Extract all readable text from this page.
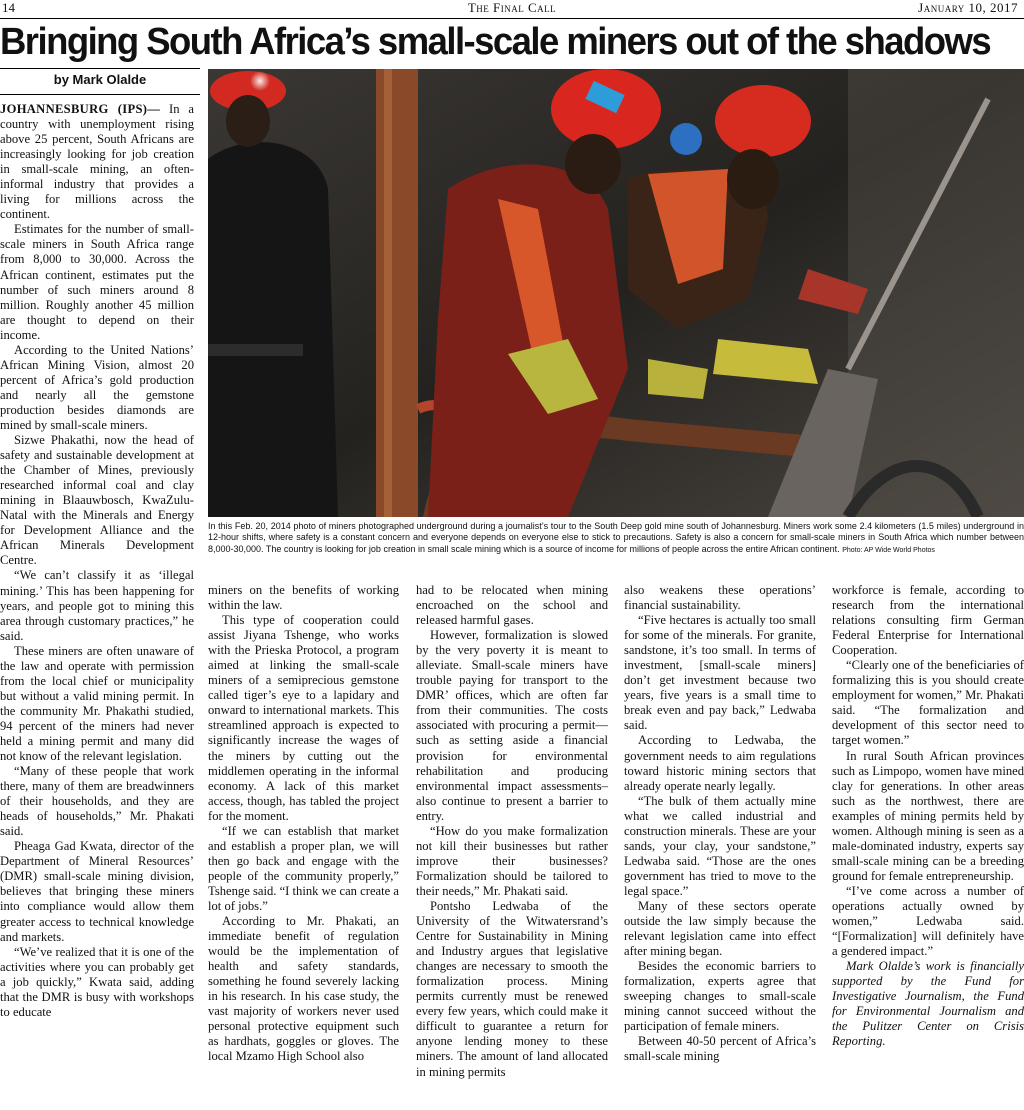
14	The Final Call	January 10, 2017
Bringing South Africa’s small-scale miners out of the shadows
by Mark Olalde
In this Feb. 20, 2014 photo of miners photographed underground during a journalist’s tour to the South Deep gold mine south of Johannesburg. Miners work some 2.4 kilometers (1.5 miles) underground in 12-hour shifts, where safety is a constant concern and everyone depends on everyone else to stick to precautions. Safety is also a concern for small-scale miners in South Africa which number between 8,000-30,000. The country is looking for job creation in small scale mining which is a source of income for millions of people across the entire African continent. Photo: AP Wide World Photos

JOHANNESBURG (IPS)— In a country with unemployment rising above 25 percent, South Africans are increasingly looking for job creation in small-scale mining, an often-informal industry that provides a living for millions across the continent.

Estimates for the number of small-scale miners in South Africa range from 8,000 to 30,000. Across the African continent, estimates put the number of such miners around 8 million. Roughly another 45 million are thought to depend on their income.

According to the United Nations’ African Mining Vision, almost 20 percent of Africa’s gold production and nearly all the gemstone production besides diamonds are mined by small-scale miners.

Sizwe Phakathi, now the head of safety and sustainable development at the Chamber of Mines, previously researched informal coal and clay mining in Blaauwbosch, KwaZulu-Natal with the Minerals and Energy for Development Alliance and the African Minerals Development Centre.

“We can’t classify it as ‘illegal mining.’ This has been happening for years, and people got to mining this area through customary practices,” he said.

These miners are often unaware of the law and operate with permission from the local chief or municipality but without a valid mining permit. In the community Mr. Phakathi studied, 94 percent of the miners had never held a mining permit and many did not know of the relevant legislation.

“Many of these people that work there, many of them are breadwinners of their households, and they are heads of households,” Mr. Phakati said.

Pheaga Gad Kwata, director of the Department of Mineral Resources’ (DMR) small-scale mining division, believes that bringing these miners into compliance would allow them greater access to technical knowledge and markets.

“We’ve realized that it is one of the activities where you can probably get a job quickly,” Kwata said, adding that the DMR is busy with workshops to educate

miners on the benefits of working within the law.

This type of cooperation could assist Jiyana Tshenge, who works with the Prieska Protocol, a program aimed at linking the small-scale miners of a semiprecious gemstone called tiger’s eye to a lapidary and onward to international markets. This streamlined approach is expected to significantly increase the wages of the miners by cutting out the middlemen operating in the informal economy. A lack of this market access, though, has tabled the project for the moment.

“If we can establish that market and establish a proper plan, we will then go back and engage with the people of the community properly,” Tshenge said. “I think we can create a lot of jobs.”

According to Mr. Phakati, an immediate benefit of regulation would be the implementation of health and safety standards, something he found severely lacking in his research. In his case study, the vast majority of workers never used personal protective equipment such as hardhats, goggles or gloves. The local Mzamo High School also

had to be relocated when mining encroached on the school and released harmful gases.

However, formalization is slowed by the very poverty it is meant to alleviate. Small-scale miners have trouble paying for transport to the DMR’ offices, which are often far from their communities. The costs associated with procuring a permit—such as setting aside a financial provision for environmental rehabilitation and producing environmental impact assessments–also continue to present a barrier to entry.

“How do you make formalization not kill their businesses but rather improve their businesses? Formalization should be tailored to their needs,” Mr. Phakati said.

Pontsho Ledwaba of the University of the Witwatersrand’s Centre for Sustainability in Mining and Industry argues that legislative changes are necessary to smooth the formalization process. Mining permits currently must be renewed every few years, which could make it difficult to guarantee a return for anyone lending money to these miners. The amount of land allocated in mining permits

also weakens these operations’ financial sustainability.

“Five hectares is actually too small for some of the minerals. For granite, sandstone, it’s too small. In terms of investment, [small-scale miners] don’t get investment because two years, five years is a small time to break even and pay back,” Ledwaba said.

According to Ledwaba, the government needs to aim regulations toward historic mining sectors that already operate nearly legally.

“The bulk of them actually mine what we called industrial and construction minerals. These are your sands, your clay, your sandstone,” Ledwaba said. “Those are the ones government has tried to move to the legal space.”

Many of these sectors operate outside the law simply because the relevant legislation came into effect after mining began.

Besides the economic barriers to formalization, experts agree that sweeping changes to small-scale mining cannot succeed without the participation of female miners.

Between 40-50 percent of Africa’s small-scale mining

workforce is female, according to research from the international relations consulting firm German Federal Enterprise for International Cooperation.

“Clearly one of the beneficiaries of formalizing this is you should create employment for women,” Mr. Phakati said. “The formalization and development of this sector need to target women.”

In rural South African provinces such as Limpopo, women have mined clay for generations. In other areas such as the northwest, there are examples of mining permits held by women. Although mining is seen as a male-dominated industry, experts say small-scale mining can be a breeding ground for female entrepreneurship.

“I’ve come across a number of operations actually owned by women,” Ledwaba said. “[Formalization] will definitely have a gendered impact.”

Mark Olalde’s work is financially supported by the Fund for Investigative Journalism, the Fund for Environmental Journalism and the Pulitzer Center on Crisis Reporting.
